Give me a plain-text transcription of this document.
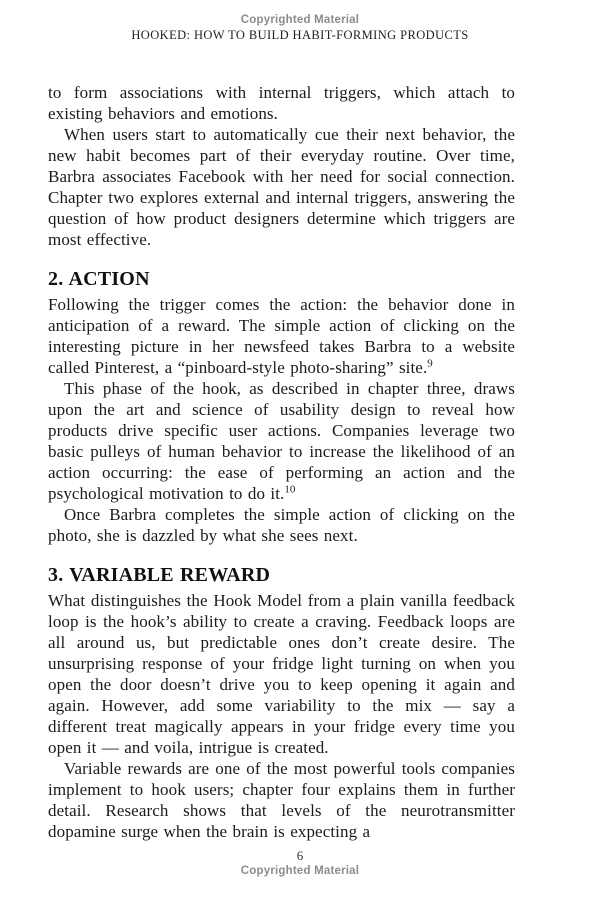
Copyrighted Material
HOOKED: HOW TO BUILD HABIT-FORMING PRODUCTS

to form associations with internal triggers, which attach to existing behaviors and emotions.

When users start to automatically cue their next behavior, the new habit becomes part of their everyday routine. Over time, Barbra associates Facebook with her need for social connection. Chapter two explores external and internal triggers, answering the question of how product designers determine which triggers are most effective.

2. ACTION

Following the trigger comes the action: the behavior done in anticipation of a reward. The simple action of clicking on the interesting picture in her newsfeed takes Barbra to a website called Pinterest, a “pinboard-style photo-sharing” site.$^9$

This phase of the hook, as described in chapter three, draws upon the art and science of usability design to reveal how products drive specific user actions. Companies leverage two basic pulleys of human behavior to increase the likelihood of an action occurring: the ease of performing an action and the psychological motivation to do it.$^{10}$

Once Barbra completes the simple action of clicking on the photo, she is dazzled by what she sees next.

3. VARIABLE REWARD

What distinguishes the Hook Model from a plain vanilla feedback loop is the hook’s ability to create a craving. Feedback loops are all around us, but predictable ones don’t create desire. The unsurprising response of your fridge light turning on when you open the door doesn’t drive you to keep opening it again and again. However, add some variability to the mix — say a different treat magically appears in your fridge every time you open it — and voila, intrigue is created.

Variable rewards are one of the most powerful tools companies implement to hook users; chapter four explains them in further detail. Research shows that levels of the neurotransmitter dopamine surge when the brain is expecting a

6
Copyrighted Material
